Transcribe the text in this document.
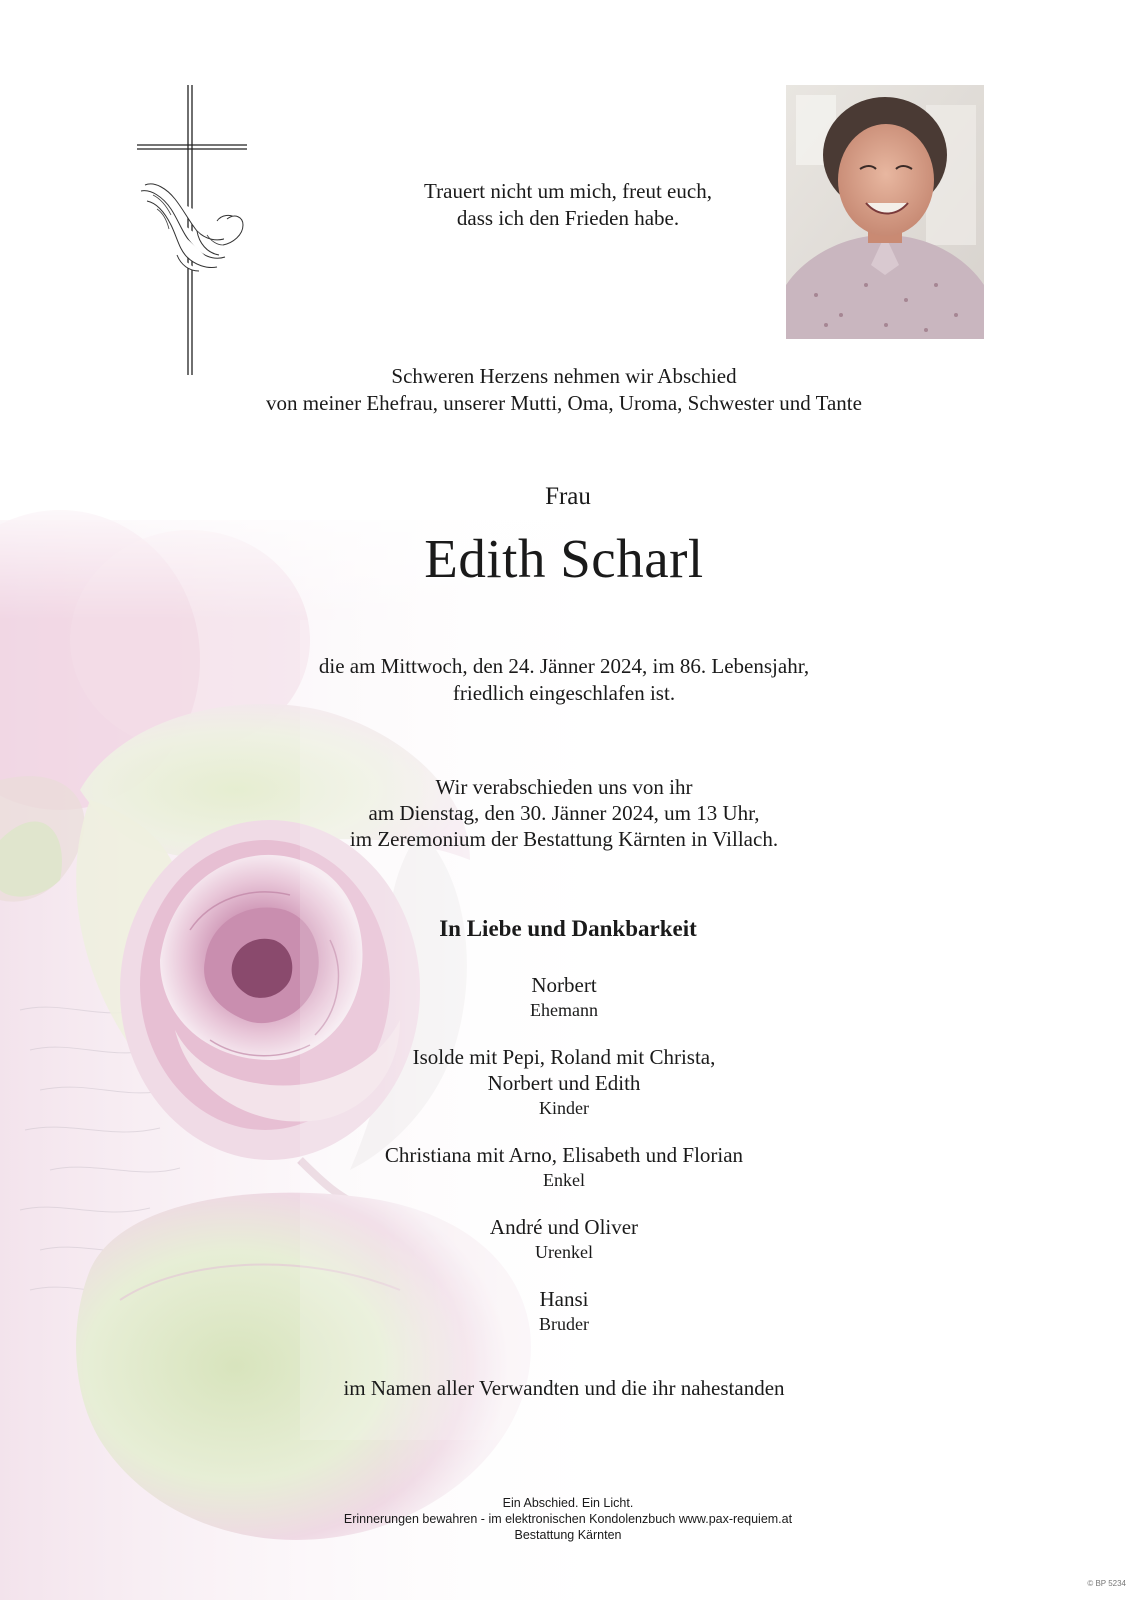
Trauert nicht um mich, freut euch,
dass ich den Frieden habe.
Schweren Herzens nehmen wir Abschied
von meiner Ehefrau, unserer Mutti, Oma, Uroma, Schwester und Tante
Frau
Edith Scharl
die am Mittwoch, den 24. Jänner 2024, im 86. Lebensjahr,
friedlich eingeschlafen ist.
Wir verabschieden uns von ihr
am Dienstag, den 30. Jänner 2024, um 13 Uhr,
im Zeremonium der Bestattung Kärnten in Villach.
In Liebe und Dankbarkeit
Norbert
Ehemann
Isolde mit Pepi, Roland mit Christa,
Norbert und Edith
Kinder
Christiana mit Arno, Elisabeth und Florian
Enkel
André und Oliver
Urenkel
Hansi
Bruder
im Namen aller Verwandten und die ihr nahestanden
Ein Abschied. Ein Licht.
Erinnerungen bewahren - im elektronischen Kondolenzbuch www.pax-requiem.at
Bestattung Kärnten
© BP 5234
